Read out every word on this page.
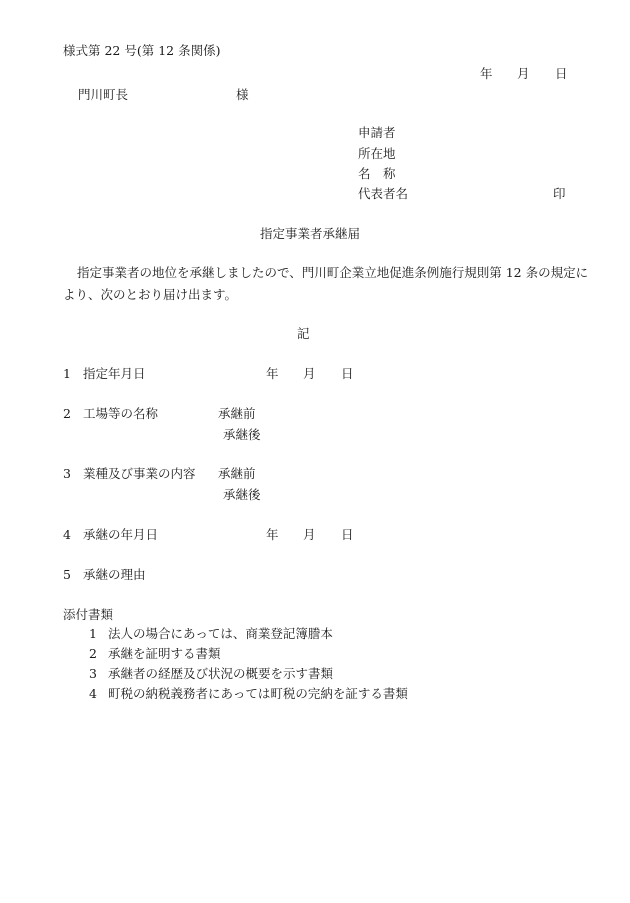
様式第 22 号(第 12 条関係)
年 月 日
門川町長	様
申請者
所在地
名　称
代表者名	印
指定事業者承継届
指定事業者の地位を承継しましたので、門川町企業立地促進条例施行規則第 12 条の規定に
より、次のとおり届け出ます。
記
1 指定年月日	年 月 日
2 工場等の名称	承継前
承継後
3 業種及び事業の内容 承継前
承継後
4 承継の年月日	年 月 日
5 承継の理由
添付書類
1 法人の場合にあっては、商業登記簿謄本
2 承継を証明する書類
3 承継者の経歴及び状況の概要を示す書類
4 町税の納税義務者にあっては町税の完納を証する書類
